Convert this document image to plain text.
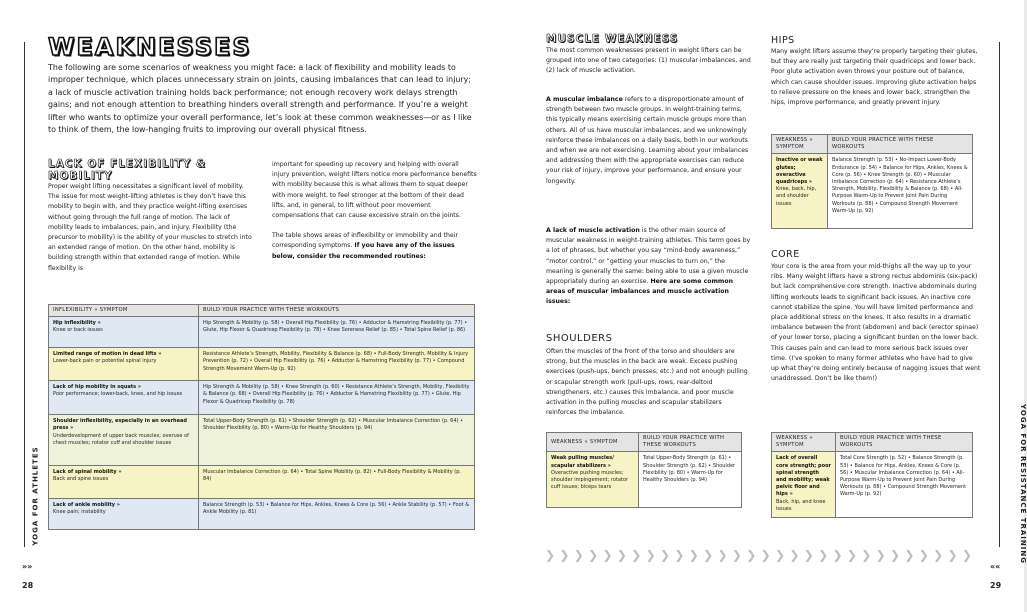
YOGA FOR ATHLETES
»»
28
WEAKNESSES

The following are some scenarios of weakness you might face: a lack of flexibility and mobility leads to improper technique, which places unnecessary strain on joints, causing imbalances that can lead to injury; a lack of muscle activation training holds back performance; not enough recovery work delays strength gains; and not enough attention to breathing hinders overall strength and performance. If you’re a weight lifter who wants to optimize your overall performance, let’s look at these common weaknesses—or as I like to think of them, the low-hanging fruits to improving our overall physical fitness.

LACK OF FLEXIBILITY & MOBILITY

Proper weight lifting necessitates a significant level of mobility. The issue for most weight-lifting athletes is they don’t have this mobility to begin with, and they practice weight-lifting exercises without going through the full range of motion. The lack of mobility leads to imbalances, pain, and injury. Flexibility (the precursor to mobility) is the ability of your muscles to stretch into an extended range of motion. On the other hand, mobility is building strength within that extended range of motion. While flexibility is

important for speeding up recovery and helping with overall injury prevention, weight lifters notice more performance benefits with mobility because this is what allows them to squat deeper with more weight, to feel stronger at the bottom of their dead lifts, and, in general, to lift without poor movement compensations that can cause excessive strain on the joints.

The table shows areas of inflexibility or immobility and their corresponding symptoms. If you have any of the issues below, consider the recommended routines:

INFLEXIBILITY » SYMPTOM	BUILD YOUR PRACTICE WITH THESE WORKOUTS

Hip inflexibility »
Knee or back issues	Hip Strength & Mobility (p. 58) • Overall Hip Flexibility (p. 76) • Adductor & Hamstring Flexibility (p. 77) • Glute, Hip Flexor & Quadricep Flexibility (p. 78) • Knee Soreness Relief (p. 85) • Total Spine Relief (p. 86)

Limited range of motion in dead lifts »
Lower-back pain or potential spinal injury	Resistance Athlete’s Strength, Mobility, Flexibility & Balance (p. 68) • Full-Body Strength, Mobility & Injury Prevention (p. 72) • Overall Hip Flexibility (p. 76) • Adductor & Hamstring Flexibility (p. 77) • Compound Strength Movement Warm-Up (p. 92)

Lack of hip mobility in squats »
Poor performance; lower-back, knee, and hip issues	Hip Strength & Mobility (p. 58) • Knee Strength (p. 60) • Resistance Athlete’s Strength, Mobility, Flexibility & Balance (p. 68) • Overall Hip Flexibility (p. 76) • Adductor & Hamstring Flexibility (p. 77) • Glute, Hip Flexor & Quadricep Flexibility (p. 78)

Shoulder inflexibility, especially in an overhead press »
Underdevelopment of upper back muscles; overuse of chest muscles; rotator cuff and shoulder issues	Total Upper-Body Strength (p. 61) • Shoulder Strength (p. 62) • Muscular Imbalance Correction (p. 64) • Shoulder Flexibility (p. 80) • Warm-Up for Healthy Shoulders (p. 94)

Lack of spinal mobility »
Back and spine issues	Muscular Imbalance Correction (p. 64) • Total Spine Mobility (p. 82) • Full-Body Flexibility & Mobility (p. 84)

Lack of ankle mobility »
Knee pain; instability	Balance Strength (p. 53) • Balance for Hips, Ankles, Knees & Core (p. 56) • Ankle Stability (p. 57) • Foot & Ankle Mobility (p. 81)	YOGA FOR RESISTANCE TRAINING
««
29
MUSCLE WEAKNESS

The most common weaknesses present in weight lifters can be grouped into one of two categories: (1) muscular imbalances, and (2) lack of muscle activation.

A muscular imbalance refers to a disproportionate amount of strength between two muscle groups. In weight-training terms, this typically means exercising certain muscle groups more than others. All of us have muscular imbalances, and we unknowingly reinforce these imbalances on a daily basis, both in our workouts and when we are not exercising. Learning about your imbalances and addressing them with the appropriate exercises can reduce your risk of injury, improve your performance, and ensure your longevity.

A lack of muscle activation is the other main source of muscular weakness in weight-training athletes. This term goes by a lot of phrases, but whether you say “mind-body awareness,” “motor control,” or “getting your muscles to turn on,” the meaning is generally the same: being able to use a given muscle appropriately during an exercise. Here are some common areas of muscular imbalances and muscle activation issues:

SHOULDERS

Often the muscles of the front of the torso and shoulders are strong, but the muscles in the back are weak. Excess pushing exercises (push-ups, bench presses, etc.) and not enough pulling or scapular strength work (pull-ups, rows, rear-deltoid strengtheners, etc.) causes this imbalance, and poor muscle activation in the pulling muscles and scapular stabilizers reinforces the imbalance.

WEAKNESS » SYMPTOM	BUILD YOUR PRACTICE WITH THESE WORKOUTS

Weak pulling muscles/ scapular stabilizers »
Overactive pushing muscles; shoulder impingement; rotator cuff issues; biceps tears	Total Upper-Body Strength (p. 61) • Shoulder Strength (p. 62) • Shoulder Flexibility (p. 80) • Warm-Up for Healthy Shoulders (p. 94)
HIPS

Many weight lifters assume they’re properly targeting their glutes, but they are really just targeting their quadriceps and lower back. Poor glute activation even throws your posture out of balance, which can cause shoulder issues. Improving glute activation helps to relieve pressure on the knees and lower back, strengthen the hips, improve performance, and greatly prevent injury.

WEAKNESS » SYMPTOM	BUILD YOUR PRACTICE WITH THESE WORKOUTS

Inactive or weak glutes; overactive quadriceps »
Knee, back, hip, and shoulder issues	Balance Strength (p. 53) • No-Impact Lower-Body Endurance (p. 54) • Balance for Hips, Ankles, Knees & Core (p. 56) • Knee Strength (p. 60) • Muscular Imbalance Correction (p. 64) • Resistance Athlete’s Strength, Mobility, Flexibility & Balance (p. 68) • All-Purpose Warm-Up to Prevent Joint Pain During Workouts (p. 88) • Compound Strength Movement Warm-Up (p. 92)
CORE

Your core is the area from your mid-thighs all the way up to your ribs. Many weight lifters have a strong rectus abdominis (six-pack) but lack comprehensive core strength. Inactive abdominals during lifting workouts leads to significant back issues. An inactive core cannot stabilize the spine. You will have limited performance and place additional stress on the knees. It also results in a dramatic imbalance between the front (abdomen) and back (erector spinae) of your lower torso, placing a significant burden on the lower back. This causes pain and can lead to more serious back issues over time. (I’ve spoken to many former athletes who have had to give up what they’re doing entirely because of nagging issues that went unaddressed. Don’t be like them!)

WEAKNESS » SYMPTOM	BUILD YOUR PRACTICE WITH THESE WORKOUTS

Lack of overall core strength; poor spinal strength and mobility; weak pelvic floor and hips »
Back, hip, and knee issues	Total Core Strength (p. 52) • Balance Strength (p. 53) • Balance for Hips, Ankles, Knees & Core (p. 56) • Muscular Imbalance Correction (p. 64) • All-Purpose Warm-Up to Prevent Joint Pain During Workouts (p. 88) • Compound Strength Movement Warm-Up (p. 92)
❯ ❯ ❯ ❯ ❯ ❯ ❯ ❯ ❯ ❯ ❯ ❯ ❯ ❯ ❯ ❯ ❯ ❯ ❯ ❯ ❯ ❯ ❯ ❯ ❯ ❯ ❯ ❯ ❯ ❯
